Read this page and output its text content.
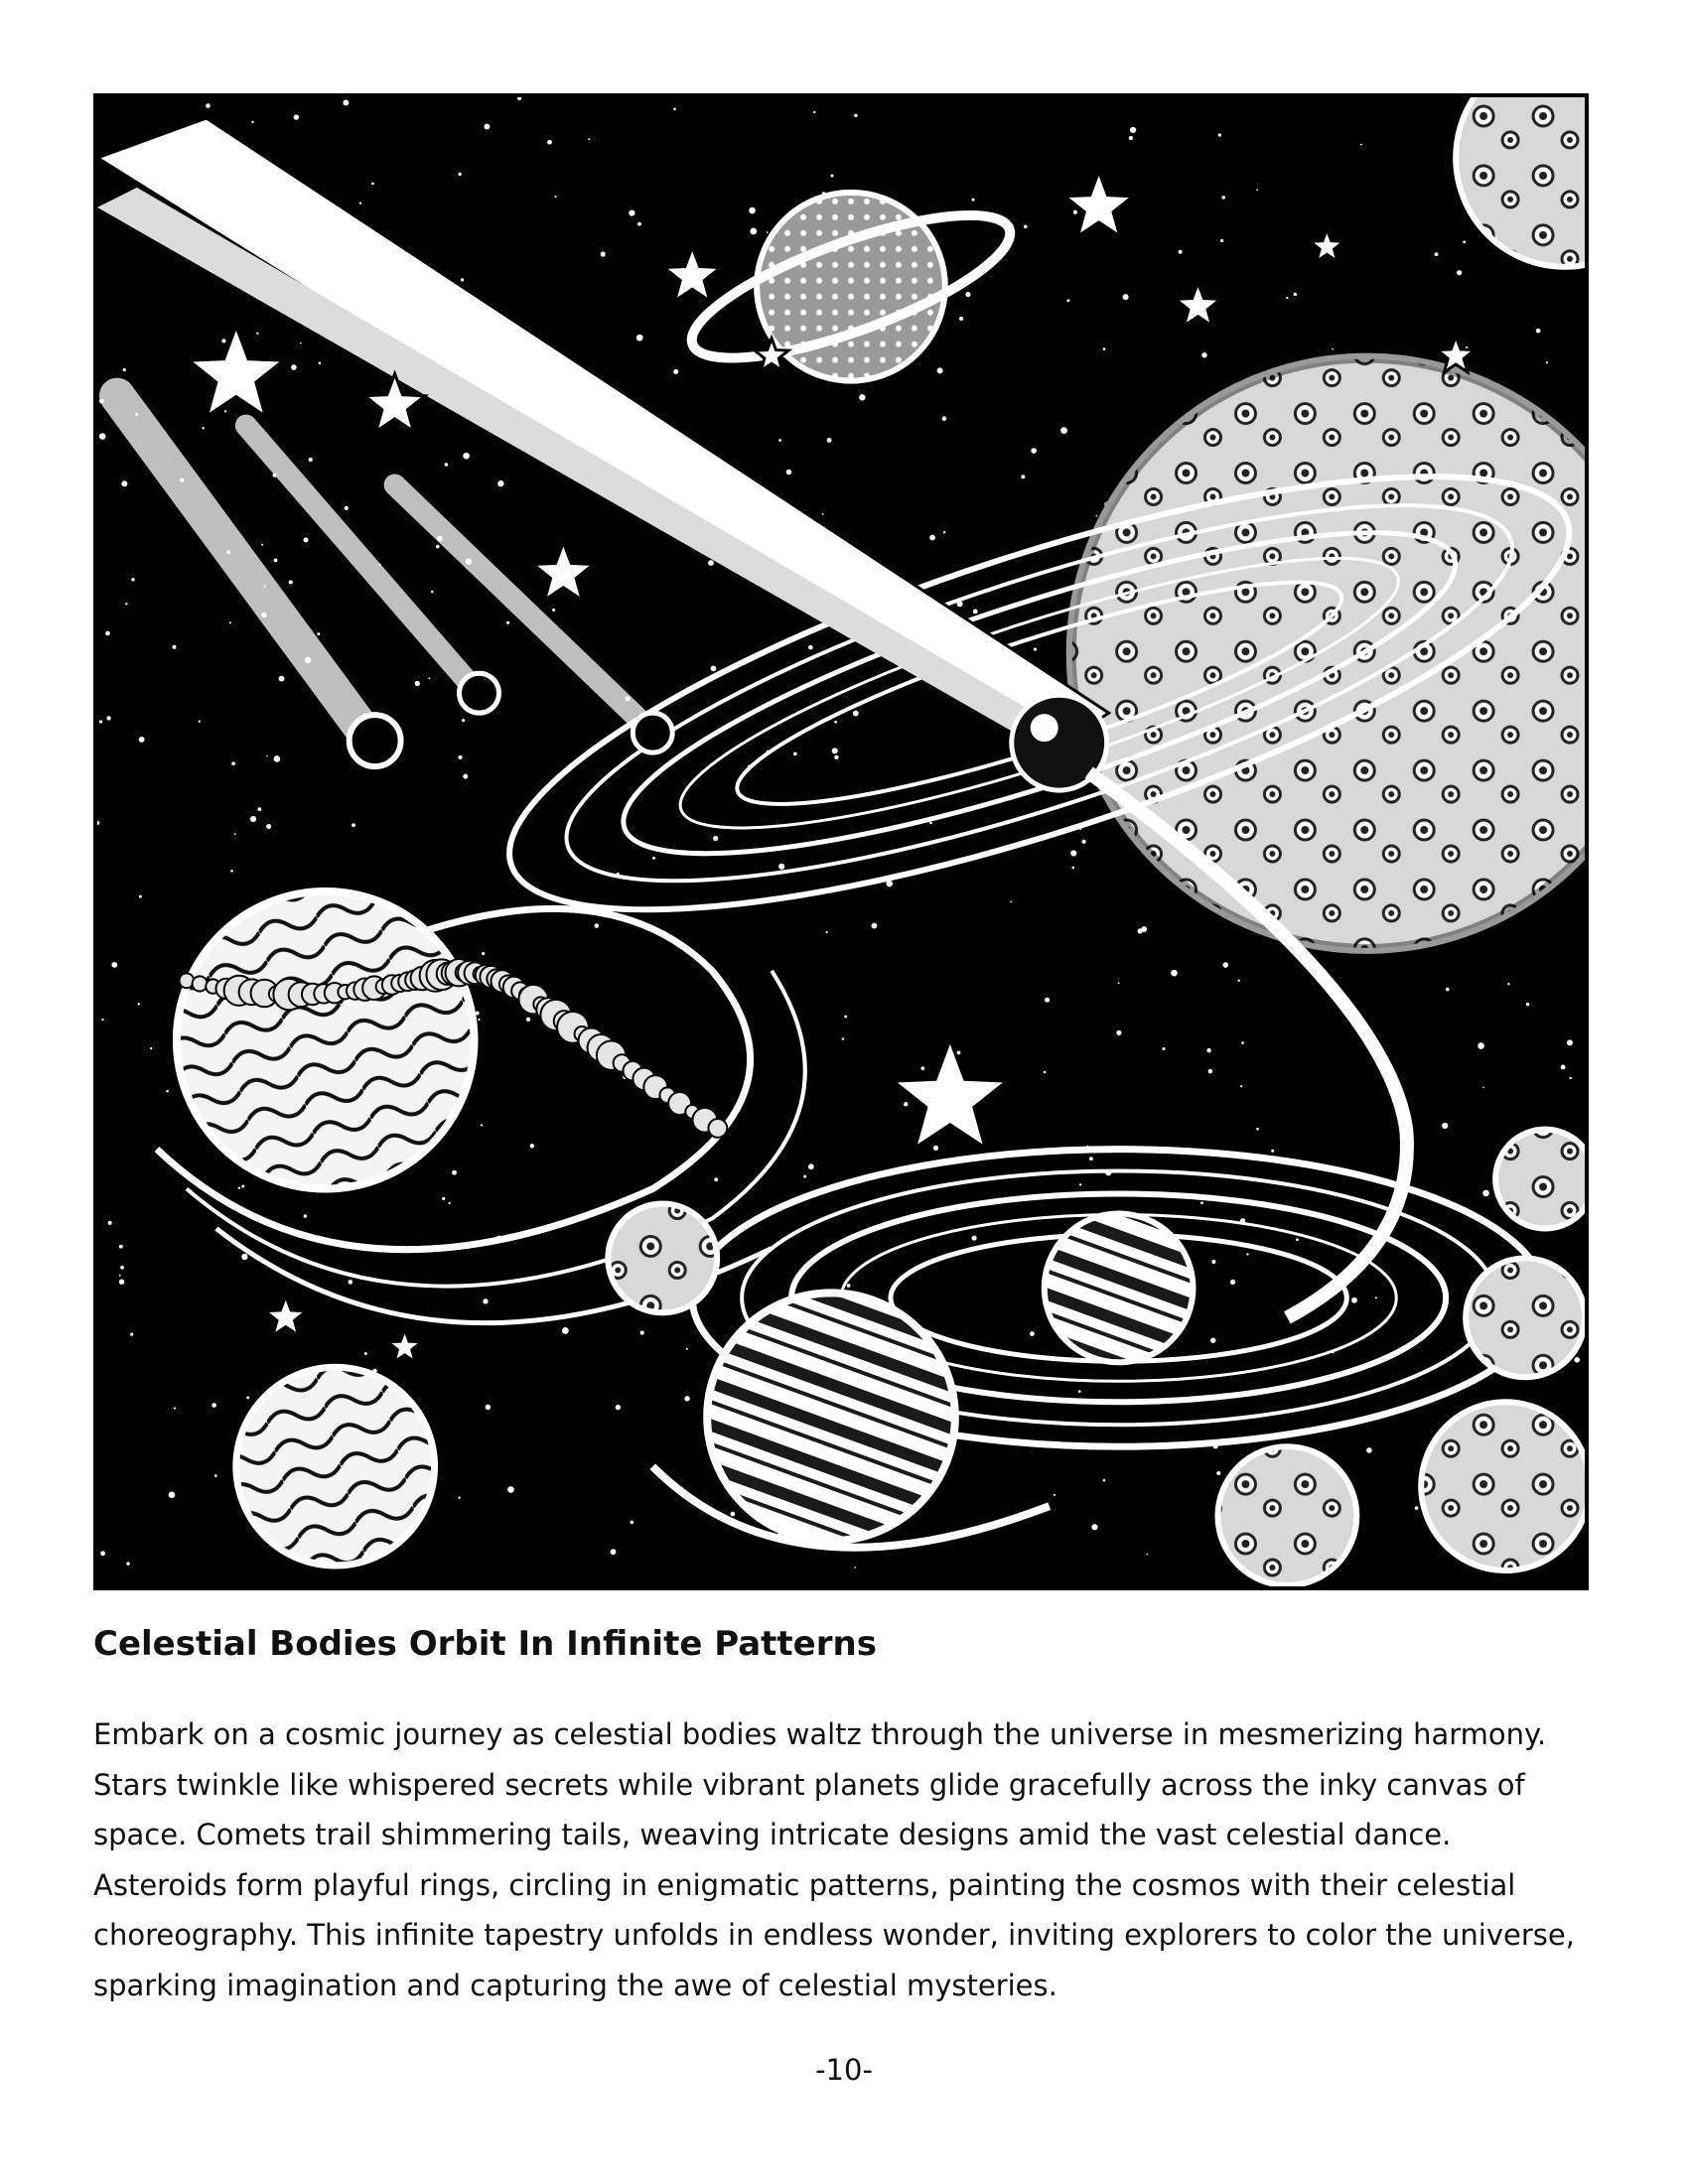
Celestial Bodies Orbit In Infinite Patterns
Embark on a cosmic journey as celestial bodies waltz through the universe in mesmerizing harmony.
Stars twinkle like whispered secrets while vibrant planets glide gracefully across the inky canvas of
space. Comets trail shimmering tails, weaving intricate designs amid the vast celestial dance.
Asteroids form playful rings, circling in enigmatic patterns, painting the cosmos with their celestial
choreography. This infinite tapestry unfolds in endless wonder, inviting explorers to color the universe,
sparking imagination and capturing the awe of celestial mysteries.

-10-
